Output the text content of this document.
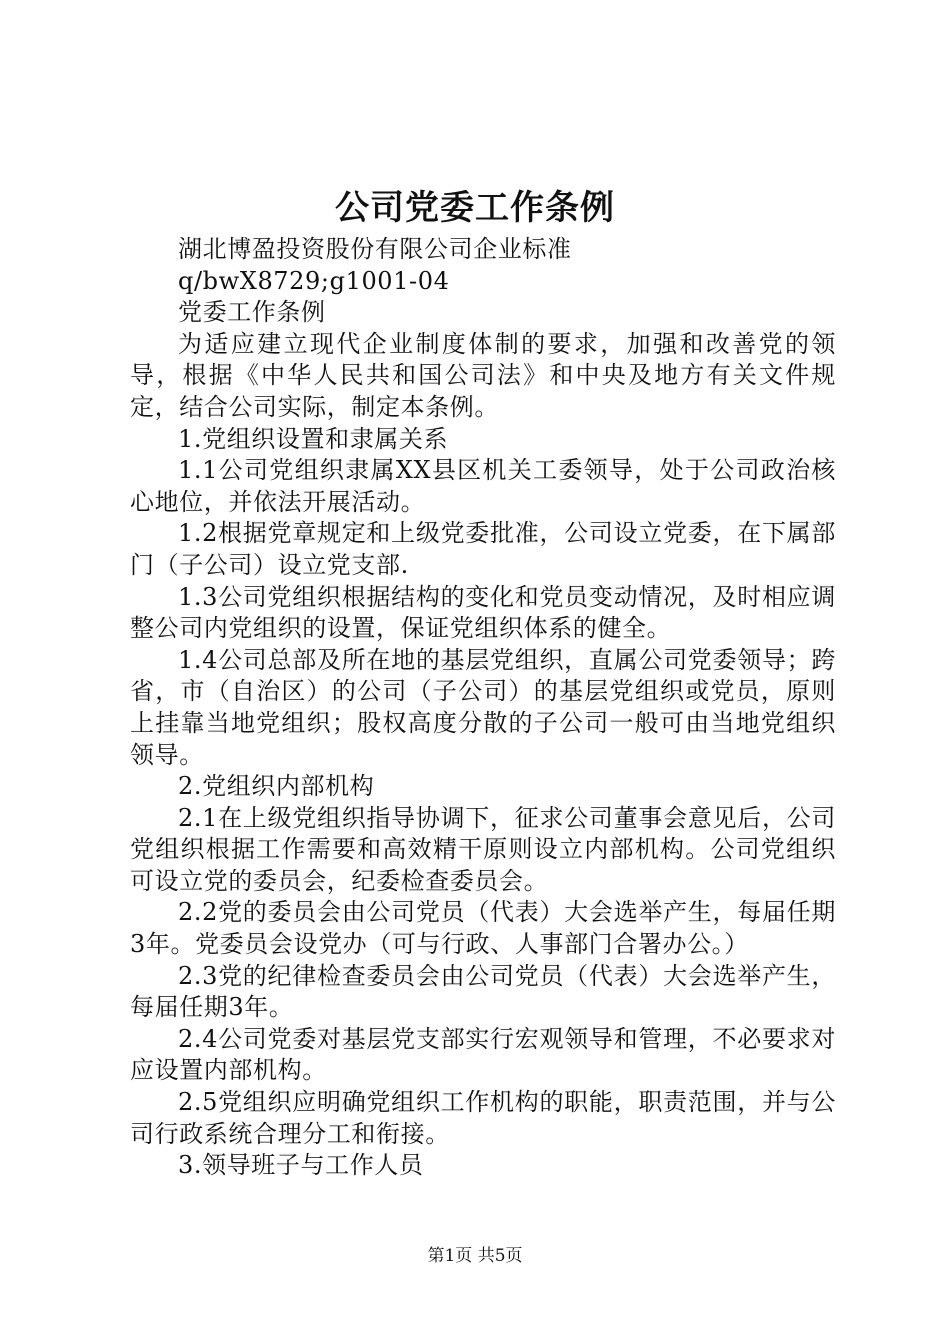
公司党委工作条例

湖北博盈投资股份有限公司企业标准

q/bwX8729;g1001-04

党委工作条例

为适应建立现代企业制度体制的要求，加强和改善党的领导，根据《中华人民共和国公司法》和中央及地方有关文件规定，结合公司实际，制定本条例。

1.党组织设置和隶属关系

1.1公司党组织隶属XX县区机关工委领导，处于公司政治核心地位，并依法开展活动。

1.2根据党章规定和上级党委批准，公司设立党委，在下属部门（子公司）设立党支部.

1.3公司党组织根据结构的变化和党员变动情况，及时相应调整公司内党组织的设置，保证党组织体系的健全。

1.4公司总部及所在地的基层党组织，直属公司党委领导；跨省，市（自治区）的公司（子公司）的基层党组织或党员，原则上挂靠当地党组织；股权高度分散的子公司一般可由当地党组织领导。

2.党组织内部机构

2.1在上级党组织指导协调下，征求公司董事会意见后，公司党组织根据工作需要和高效精干原则设立内部机构。公司党组织可设立党的委员会，纪委检查委员会。

2.2党的委员会由公司党员（代表）大会选举产生，每届任期3年。党委员会设党办（可与行政、人事部门合署办公。）

2.3党的纪律检查委员会由公司党员（代表）大会选举产生，每届任期3年。

2.4公司党委对基层党支部实行宏观领导和管理，不必要求对应设置内部机构。

2.5党组织应明确党组织工作机构的职能，职责范围，并与公司行政系统合理分工和衔接。

3.领导班子与工作人员

第1页 共5页
